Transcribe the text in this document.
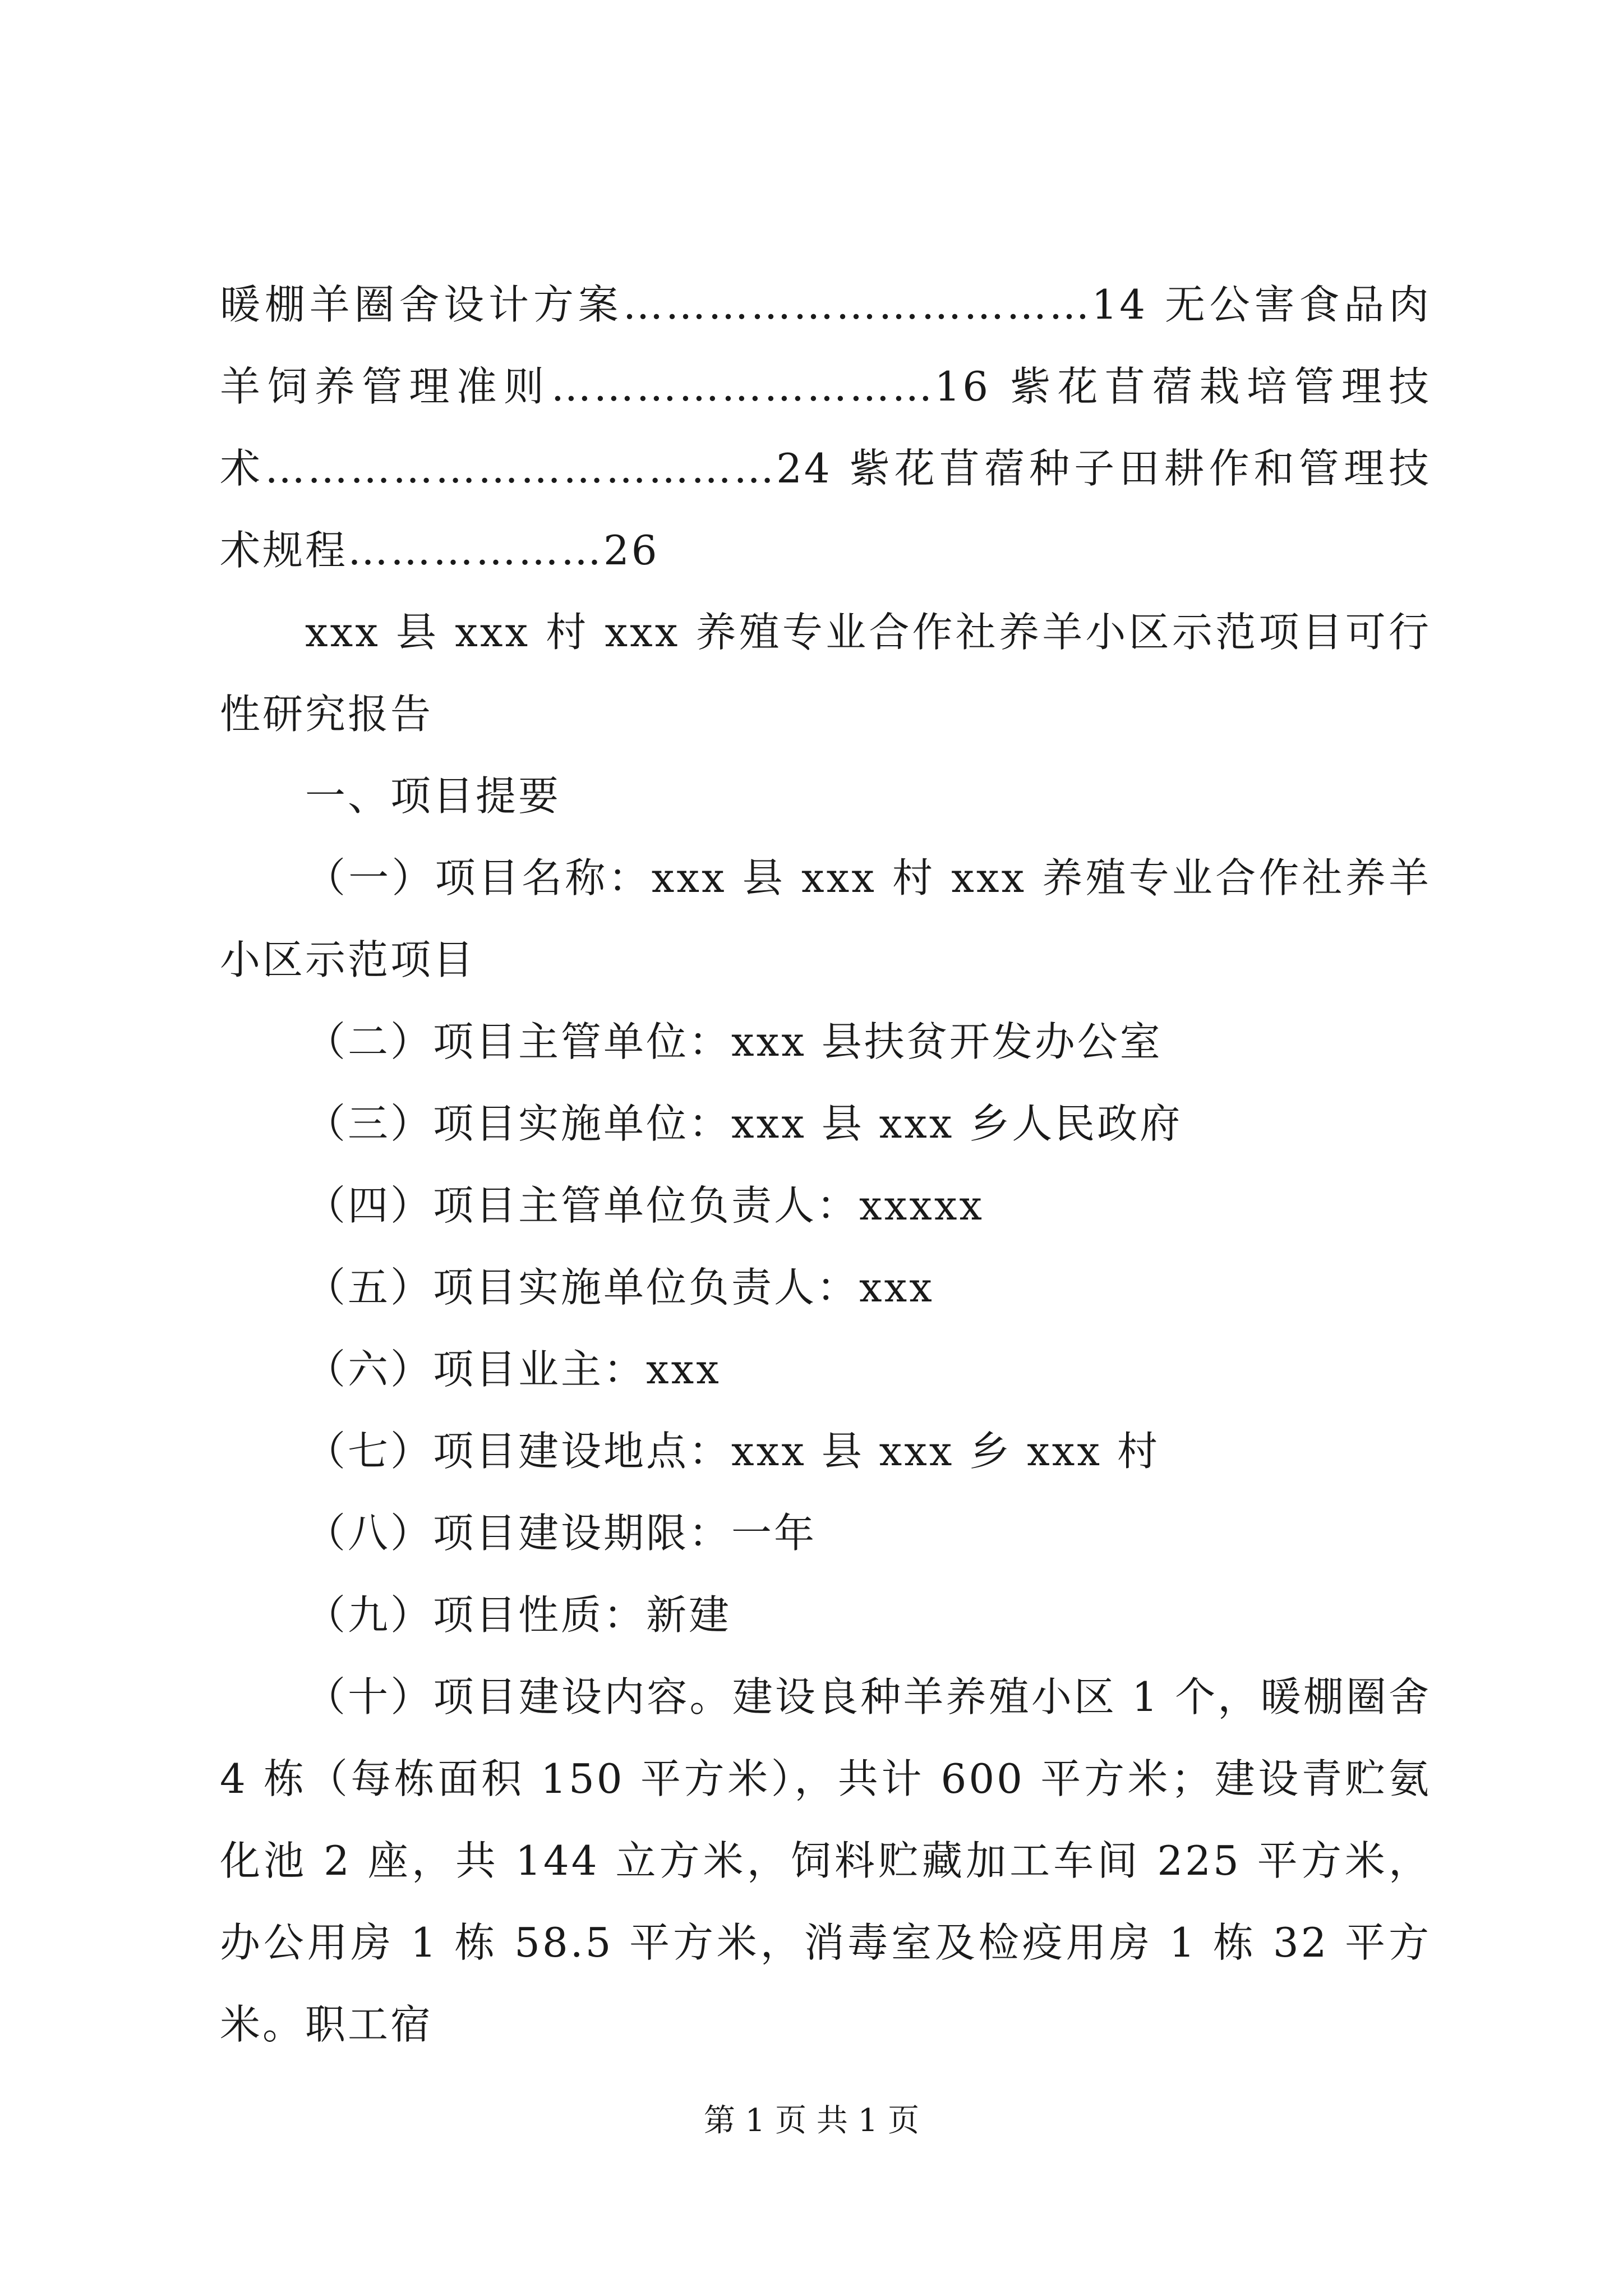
暖棚羊圈舍设计方案……………………………14 无公害食品肉羊饲养管理准则………………………16 紫花苜蓿栽培管理技术………………………………24 紫花苜蓿种子田耕作和管理技术规程………………26

xxx 县 xxx 村 xxx 养殖专业合作社养羊小区示范项目可行性研究报告

一、项目提要

（一）项目名称：xxx 县 xxx 村 xxx 养殖专业合作社养羊小区示范项目

（二）项目主管单位：xxx 县扶贫开发办公室

（三）项目实施单位：xxx 县 xxx 乡人民政府

（四）项目主管单位负责人：xxxxx

（五）项目实施单位负责人：xxx

（六）项目业主：xxx

（七）项目建设地点：xxx 县 xxx 乡 xxx 村

（八）项目建设期限：一年

（九）项目性质：新建

（十）项目建设内容。建设良种羊养殖小区 1 个，暖棚圈舍 4 栋（每栋面积 150 平方米），共计 600 平方米；建设青贮氨化池 2 座，共 144 立方米，饲料贮藏加工车间 225 平方米，办公用房 1 栋 58.5 平方米，消毒室及检疫用房 1 栋 32 平方米。职工宿

第 1 页 共 1 页
